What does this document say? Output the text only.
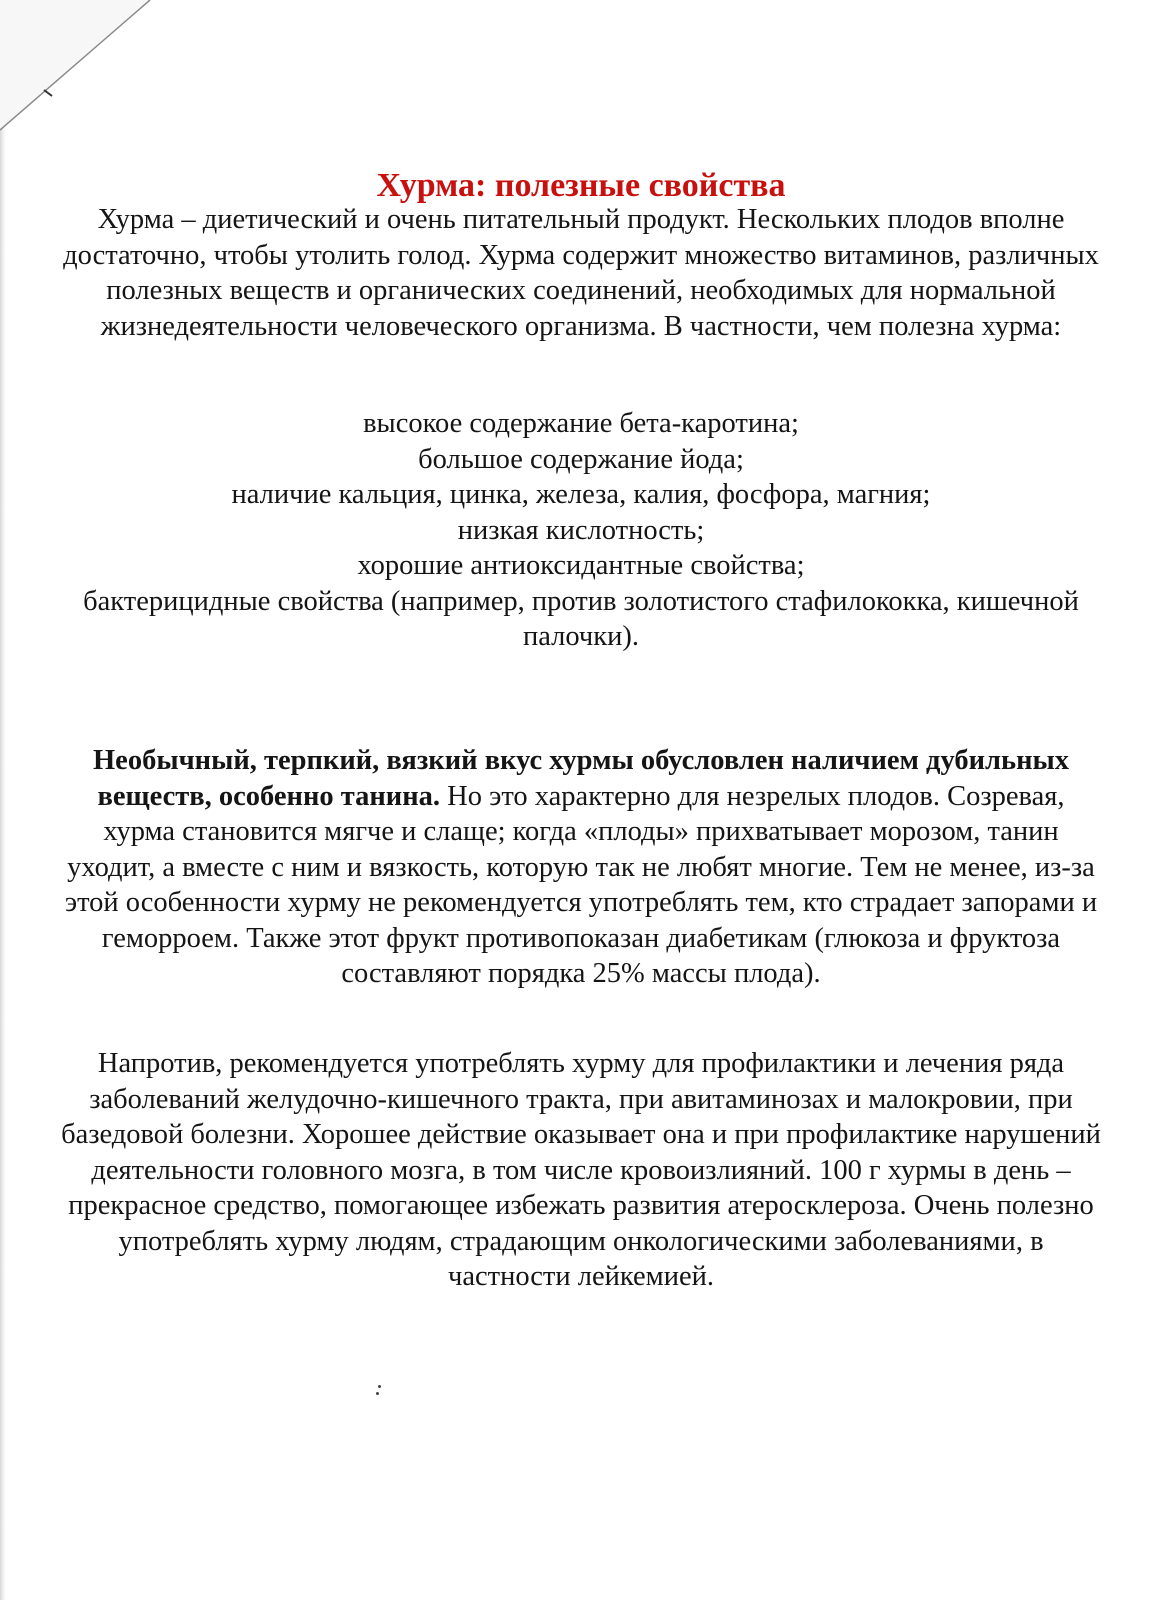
Хурма: полезные свойства

Хурма – диетический и очень питательный продукт. Нескольких плодов вполне достаточно, чтобы утолить голод. Хурма содержит множество витаминов, различных полезных веществ и органических соединений, необходимых для нормальной жизнедеятельности человеческого организма. В частности, чем полезна хурма:

высокое содержание бета-каротина;
большое содержание йода;
наличие кальция, цинка, железа, калия, фосфора, магния;
низкая кислотность;
хорошие антиоксидантные свойства;
бактерицидные свойства (например, против золотистого стафилококка, кишечной палочки).

Необычный, терпкий, вязкий вкус хурмы обусловлен наличием дубильных веществ, особенно танина. Но это характерно для незрелых плодов. Созревая, хурма становится мягче и слаще; когда «плоды» прихватывает морозом, танин уходит, а вместе с ним и вязкость, которую так не любят многие. Тем не менее, из-за этой особенности хурму не рекомендуется употреблять тем, кто страдает запорами и геморроем. Также этот фрукт противопоказан диабетикам (глюкоза и фруктоза составляют порядка 25% массы плода).

Напротив, рекомендуется употреблять хурму для профилактики и лечения ряда заболеваний желудочно-кишечного тракта, при авитаминозах и малокровии, при базедовой болезни. Хорошее действие оказывает она и при профилактике нарушений деятельности головного мозга, в том числе кровоизлияний. 100 г хурмы в день – прекрасное средство, помогающее избежать развития атеросклероза. Очень полезно употреблять хурму людям, страдающим онкологическими заболеваниями, в частности лейкемией.
